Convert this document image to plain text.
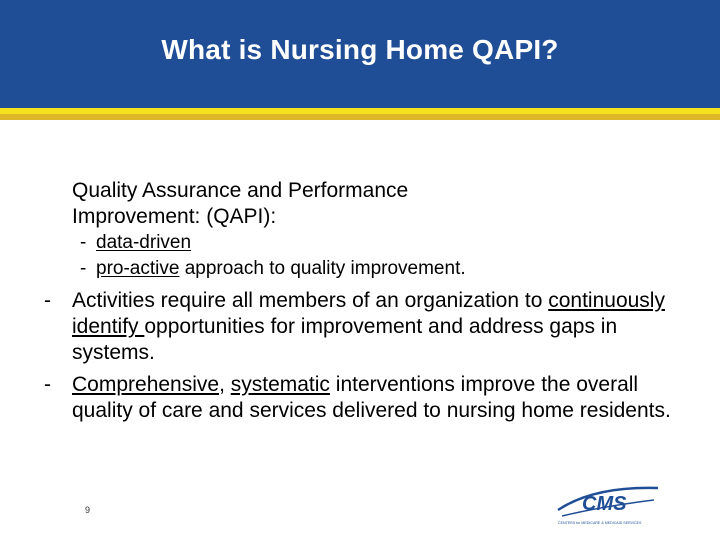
What is Nursing Home QAPI?
Quality Assurance and Performance
Improvement: (QAPI):
- data-driven
- pro-active approach to quality improvement.
- Activities require all members of an organization to continuously identify opportunities for improvement and address gaps in systems.
- Comprehensive, systematic interventions improve the overall quality of care and services delivered to nursing home residents.
9	CMS
CENTERS for MEDICARE & MEDICAID SERVICES
